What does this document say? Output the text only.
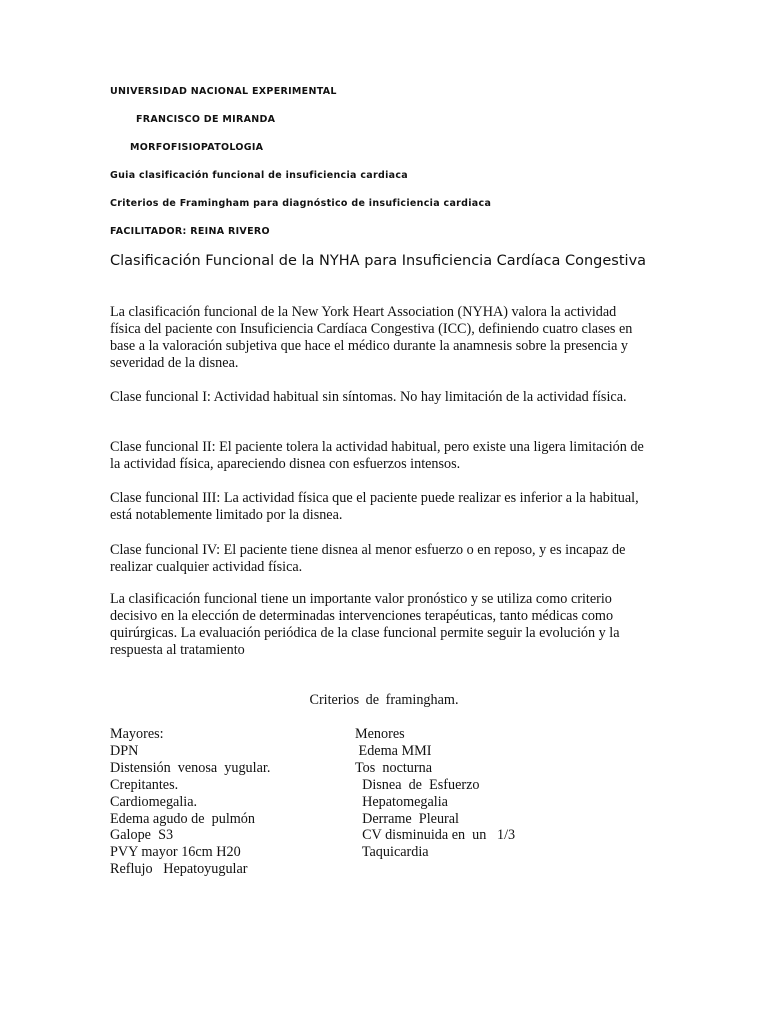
UNIVERSIDAD NACIONAL EXPERIMENTAL
FRANCISCO DE MIRANDA
MORFOFISIOPATOLOGIA
Guia clasificación funcional de insuficiencia cardiaca
Criterios de Framingham para diagnóstico de insuficiencia cardiaca
FACILITADOR: REINA RIVERO
Clasificación Funcional de la NYHA para Insuficiencia Cardíaca Congestiva
La clasificación funcional de la New York Heart Association (NYHA) valora la actividad física del paciente con Insuficiencia Cardíaca Congestiva (ICC), definiendo cuatro clases en base a la valoración subjetiva que hace el médico durante la anamnesis sobre la presencia y severidad de la disnea.
Clase funcional I: Actividad habitual sin síntomas. No hay limitación de la actividad física.
Clase funcional II: El paciente tolera la actividad habitual, pero existe una ligera limitación de la actividad física, apareciendo disnea con esfuerzos intensos.
Clase funcional III: La actividad física que el paciente puede realizar es inferior a la habitual, está notablemente limitado por la disnea.
Clase funcional IV: El paciente tiene disnea al menor esfuerzo o en reposo, y es incapaz de realizar cualquier actividad física.
La clasificación funcional tiene un importante valor pronóstico y se utiliza como criterio decisivo en la elección de determinadas intervenciones terapéuticas, tanto médicas como quirúrgicas. La evaluación periódica de la clase funcional permite seguir la evolución y la respuesta al tratamiento
Criterios de framingham.
Mayores:
DPN
Distensión  venosa  yugular.
Crepitantes.
Cardiomegalia.
Edema agudo de  pulmón
Galope  S3
PVY mayor 16cm H20
Reflujo   Hepatoyugular
Menores
Edema MMI
Tos  nocturna
Disnea  de  Esfuerzo
Hepatomegalia
Derrame  Pleural
CV disminuida en  un   1/3
Taquicardia
